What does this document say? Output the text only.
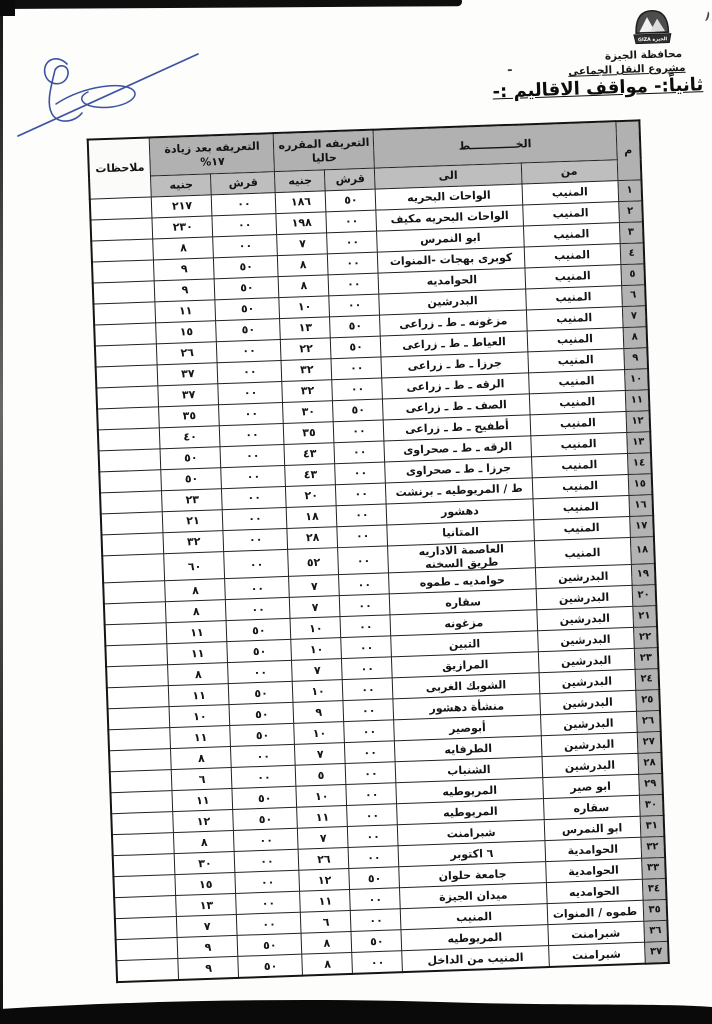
الجيزة GIZA
محافظة الجيزة
مشروع النقل الجماعى
-
ثانياً:- مواقف الاقاليم :-
م	الخــــــــــــط		التعريفه المقرره
حاليا		التعريفه بعد زيادة
١٧%		ملاحظات
	من	الى	قرش	جنيه	قرش	جنيه	
١	المنيب	الواحات البحريه	٥٠	١٨٦	٠٠	٢١٧	
٢	المنيب	الواحات البحريه مكيف	٠٠	١٩٨	٠٠	٢٣٠	
٣	المنيب	ابو النمرس	٠٠	٧	٠٠	٨	
٤	المنيب	كوبرى بهجات -المنوات	٠٠	٨	٥٠	٩	
٥	المنيب	الحوامديه	٠٠	٨	٥٠	٩	
٦	المنيب	البدرشين	٠٠	١٠	٥٠	١١	
٧	المنيب	مزغونه ـ ط ـ زراعى	٥٠	١٣	٥٠	١٥	
٨	المنيب	العياط ـ ط ـ زراعى	٥٠	٢٢	٠٠	٢٦	
٩	المنيب	جرزا ـ ط ـ زراعى	٠٠	٣٢	٠٠	٣٧	
١٠	المنيب	الرقه ـ ط ـ زراعى	٠٠	٣٢	٠٠	٣٧	
١١	المنيب	الصف ـ ط ـ زراعى	٥٠	٣٠	٠٠	٣٥	
١٢	المنيب	أطفيح ـ ط ـ زراعى	٠٠	٣٥	٠٠	٤٠	
١٣	المنيب	الرقه ـ ط ـ صحراوى	٠٠	٤٣	٠٠	٥٠	
١٤	المنيب	جرزا ـ ط ـ صحراوى	٠٠	٤٣	٠٠	٥٠	
١٥	المنيب	ط / المريوطيه ـ برنشت	٠٠	٢٠	٠٠	٢٣	
١٦	المنيب	دهشور	٠٠	١٨	٠٠	٢١	
١٧	المنيب	المتانيا	٠٠	٢٨	٠٠	٣٢	
١٨	المنيب	العاصمة الاداريه
طريق السخنه	٠٠	٥٢	٠٠	٦٠	
١٩	البدرشين	حوامديه ـ طموه	٠٠	٧	٠٠	٨	
٢٠	البدرشين	سقاره	٠٠	٧	٠٠	٨	
٢١	البدرشين	مزغونه	٠٠	١٠	٥٠	١١	
٢٢	البدرشين	التبين	٠٠	١٠	٥٠	١١	
٢٣	البدرشين	المرازيق	٠٠	٧	٠٠	٨	
٢٤	البدرشين	الشوبك الغربى	٠٠	١٠	٥٠	١١	
٢٥	البدرشين	منشأة دهشور	٠٠	٩	٥٠	١٠	
٢٦	البدرشين	أبوصير	٠٠	١٠	٥٠	١١	
٢٧	البدرشين	الطرفايه	٠٠	٧	٠٠	٨	
٢٨	البدرشين	الشنباب	٠٠	٥	٠٠	٦	
٢٩	ابو صير	المريوطيه	٠٠	١٠	٥٠	١١	
٣٠	سقاره	المريوطيه	٠٠	١١	٥٠	١٢	
٣١	ابو النمرس	شبرامنت	٠٠	٧	٠٠	٨	
٣٢	الحوامدية	٦ اكتوبر	٠٠	٢٦	٠٠	٣٠	
٣٣	الحوامدية	جامعة حلوان	٥٠	١٢	٠٠	١٥	
٣٤	الحوامديه	ميدان الجيزة	٠٠	١١	٠٠	١٣	
٣٥	طموه / المنوات	المنيب	٠٠	٦	٠٠	٧	
٣٦	شبرامنت	المريوطيه	٥٠	٨	٥٠	٩	
٣٧	شبرامنت	المنيب من الداخل	٠٠	٨	٥٠	٩	
